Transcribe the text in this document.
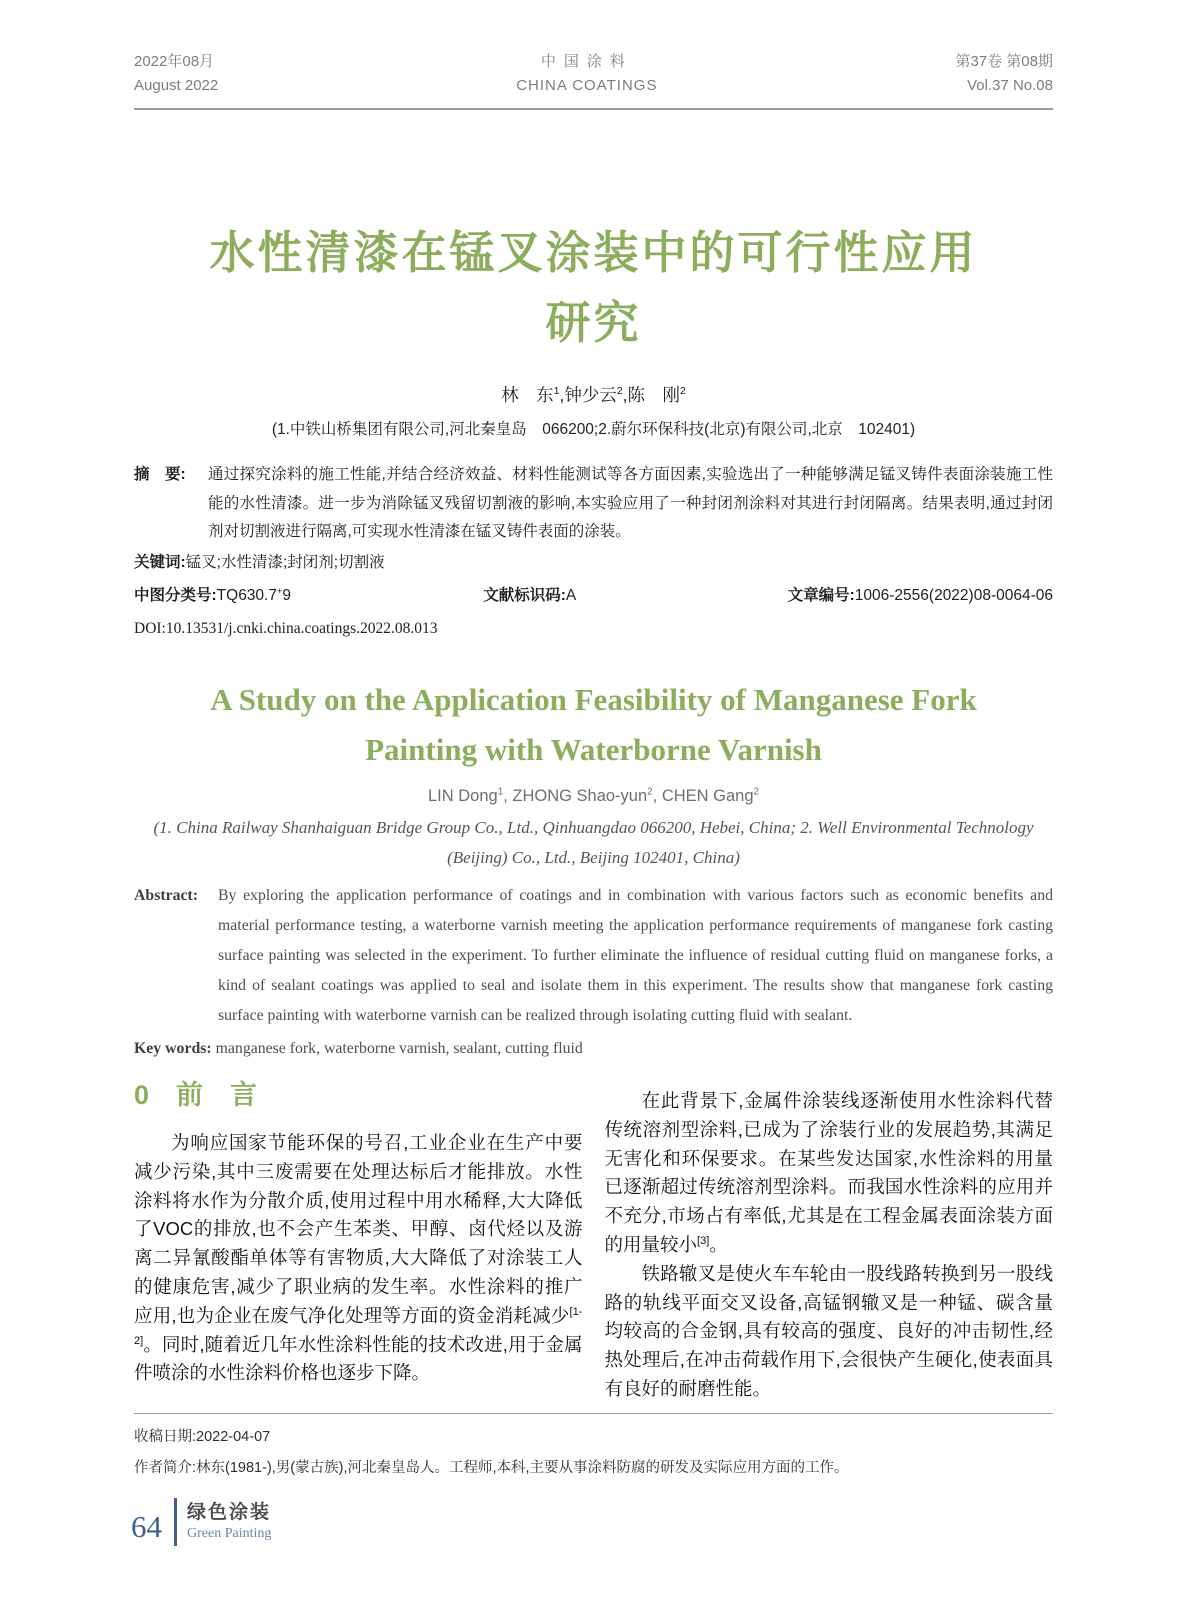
2022年08月
August 2022
中国涂料
CHINA COATINGS
第37卷 第08期
Vol.37 No.08
水性清漆在锰叉涂装中的可行性应用
研究
林　东$^1$,钟少云$^2$,陈　刚$^2$
(1.中铁山桥集团有限公司,河北秦皇岛　066200;2.蔚尔环保科技(北京)有限公司,北京　102401)
摘　要:	通过探究涂料的施工性能,并结合经济效益、材料性能测试等各方面因素,实验选出了一种能够满足锰叉铸件表面涂装施工性能的水性清漆。进一步为消除锰叉残留切割液的影响,本实验应用了一种封闭剂涂料对其进行封闭隔离。结果表明,通过封闭剂对切割液进行隔离,可实现水性清漆在锰叉铸件表面的涂装。
关键词:锰叉;水性清漆;封闭剂;切割液
中图分类号:TQ630.7+9	文献标识码:A	文章编号:1006-2556(2022)08-0064-06
DOI:10.13531/j.cnki.china.coatings.2022.08.013
A Study on the Application Feasibility of Manganese Fork
Painting with Waterborne Varnish
LIN Dong$^1$, ZHONG Shao-yun$^2$, CHEN Gang$^2$
(1. China Railway Shanhaiguan Bridge Group Co., Ltd., Qinhuangdao 066200, Hebei, China; 2. Well Environmental Technology (Beijing) Co., Ltd., Beijing 102401, China)
Abstract:	By exploring the application performance of coatings and in combination with various factors such as economic benefits and material performance testing, a waterborne varnish meeting the application performance requirements of manganese fork casting surface painting was selected in the experiment. To further eliminate the influence of residual cutting fluid on manganese forks, a kind of sealant coatings was applied to seal and isolate them in this experiment. The results show that manganese fork casting surface painting with waterborne varnish can be realized through isolating cutting fluid with sealant.
Key words: manganese fork, waterborne varnish, sealant, cutting fluid
0　前　言

为响应国家节能环保的号召,工业企业在生产中要减少污染,其中三废需要在处理达标后才能排放。水性涂料将水作为分散介质,使用过程中用水稀释,大大降低了VOC的排放,也不会产生苯类、甲醇、卤代烃以及游离二异氰酸酯单体等有害物质,大大降低了对涂装工人的健康危害,减少了职业病的发生率。水性涂料的推广应用,也为企业在废气净化处理等方面的资金消耗减少[1-2]。同时,随着近几年水性涂料性能的技术改进,用于金属件喷涂的水性涂料价格也逐步下降。

在此背景下,金属件涂装线逐渐使用水性涂料代替传统溶剂型涂料,已成为了涂装行业的发展趋势,其满足无害化和环保要求。在某些发达国家,水性涂料的用量已逐渐超过传统溶剂型涂料。而我国水性涂料的应用并不充分,市场占有率低,尤其是在工程金属表面涂装方面的用量较小[3]。

铁路辙叉是使火车车轮由一股线路转换到另一股线路的轨线平面交叉设备,高锰钢辙叉是一种锰、碳含量均较高的合金钢,具有较高的强度、良好的冲击韧性,经热处理后,在冲击荷载作用下,会很快产生硬化,使表面具有良好的耐磨性能。

收稿日期:2022-04-07
作者简介:林东(1981-),男(蒙古族),河北秦皇岛人。工程师,本科,主要从事涂料防腐的研发及实际应用方面的工作。
64 绿色涂装
Green Painting
